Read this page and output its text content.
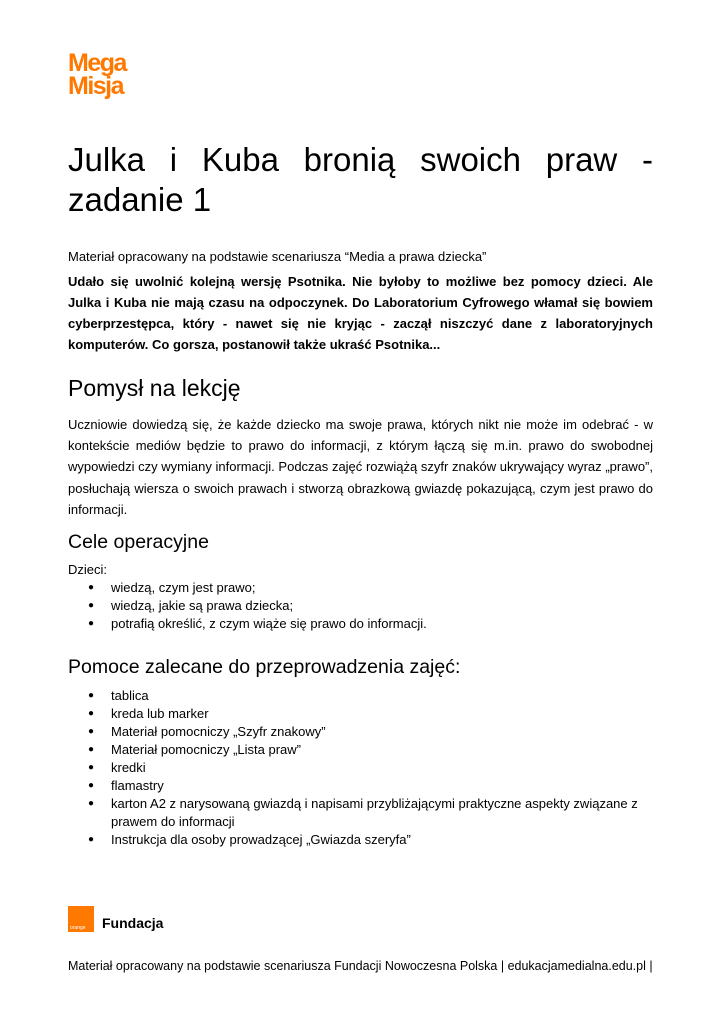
Mega
Misja
Julka i Kuba bronią swoich praw - zadanie 1

Materiał opracowany na podstawie scenariusza “Media a prawa dziecka”

Udało się uwolnić kolejną wersję Psotnika. Nie byłoby to możliwe bez pomocy dzieci. Ale Julka i Kuba nie mają czasu na odpoczynek. Do Laboratorium Cyfrowego włamał się bowiem cyberprzestępca, który - nawet się nie kryjąc - zaczął niszczyć dane z laboratoryjnych komputerów. Co gorsza, postanowił także ukraść Psotnika...

Pomysł na lekcję

Uczniowie dowiedzą się, że każde dziecko ma swoje prawa, których nikt nie może im odebrać - w kontekście mediów będzie to prawo do informacji, z którym łączą się m.in. prawo do swobodnej wypowiedzi czy wymiany informacji. Podczas zajęć rozwiążą szyfr znaków ukrywający wyraz „prawo”, posłuchają wiersza o swoich prawach i stworzą obrazkową gwiazdę pokazującą, czym jest prawo do informacji.

Cele operacyjne

Dzieci:

● wiedzą, czym jest prawo;
● wiedzą, jakie są prawa dziecka;
● potrafią określić, z czym wiąże się prawo do informacji.
Pomoce zalecane do przeprowadzenia zajęć:
● tablica
● kreda lub marker
● Materiał pomocniczy „Szyfr znakowy”
● Materiał pomocniczy „Lista praw”
● kredki
● flamastry
● karton A2 z narysowaną gwiazdą i napisami przybliżającymi praktyczne aspekty związane z prawem do informacji
● Instrukcja dla osoby prowadzącej „Gwiazda szeryfa”
orange Fundacja
Materiał opracowany na podstawie scenariusza Fundacji Nowoczesna Polska | edukacjamedialna.edu.pl |
